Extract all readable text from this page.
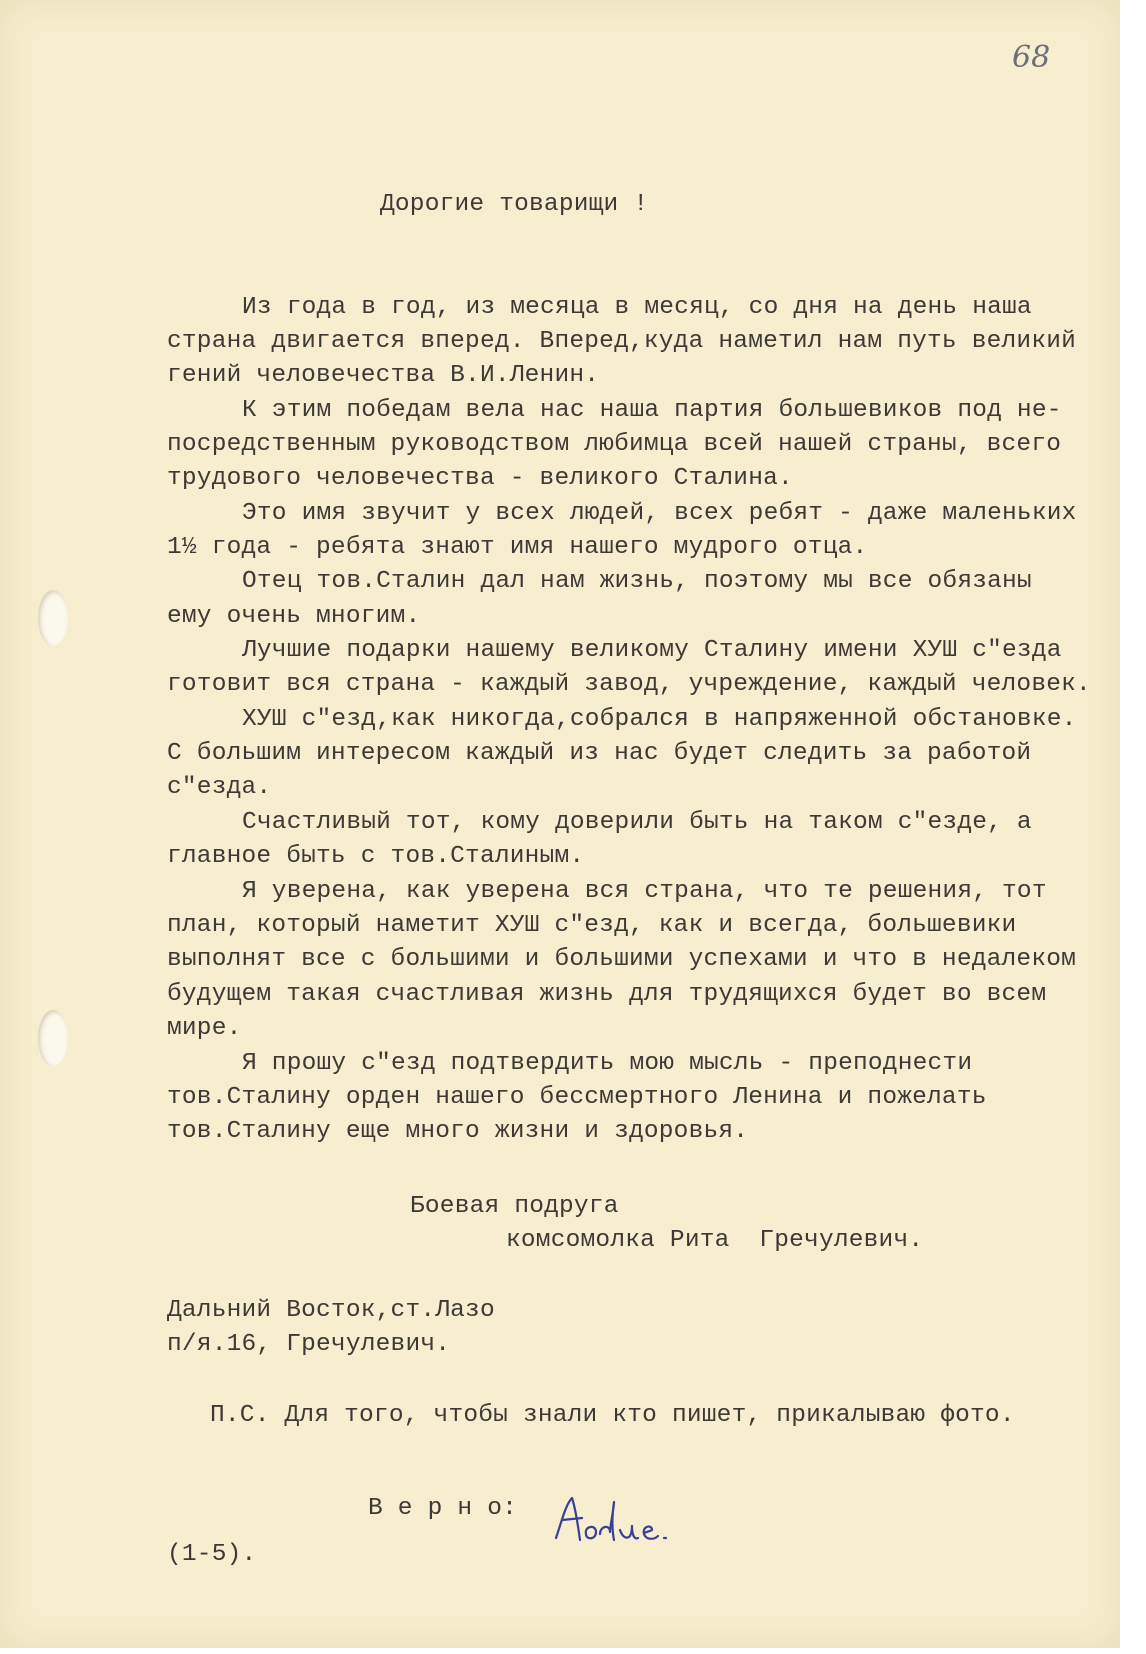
68
Дорогие товарищи !
Из года в год, из месяца в месяц, со дня на день наша
страна двигается вперед. Вперед,куда наметил нам путь великий
гений человечества В.И.Ленин.
К этим победам вела нас наша партия большевиков под не-
посредственным руководством любимца всей нашей страны, всего
трудового человечества - великого Сталина.
Это имя звучит у всех людей, всех ребят - даже маленьких
1½ года - ребята знают имя нашего мудрого отца.
Отец тов.Сталин дал нам жизнь, поэтому мы все обязаны
ему очень многим.
Лучшие подарки нашему великому Сталину имени ХУШ с"езда
готовит вся страна - каждый завод, учреждение, каждый человек.
ХУШ с"езд,как никогда,собрался в напряженной обстановке.
С большим интересом каждый из нас будет следить за работой
с"езда.
Счастливый тот, кому доверили быть на таком с"езде, а
главное быть с тов.Сталиным.
Я уверена, как уверена вся страна, что те решения, тот
план, который наметит ХУШ с"езд, как и всегда, большевики
выполнят все с большими и большими успехами и что в недалеком
будущем такая счастливая жизнь для трудящихся будет во всем
мире.
Я прошу с"езд подтвердить мою мысль - преподнести
тов.Сталину орден нашего бессмертного Ленина и пожелать
тов.Сталину еще много жизни и здоровья.
Боевая подруга
комсомолка Рита  Гречулевич.
Дальний Восток,ст.Лазо
п/я.16, Гречулевич.
П.С. Для того, чтобы знали кто пишет, прикалываю фото.
В е р н о:
(1-5).
